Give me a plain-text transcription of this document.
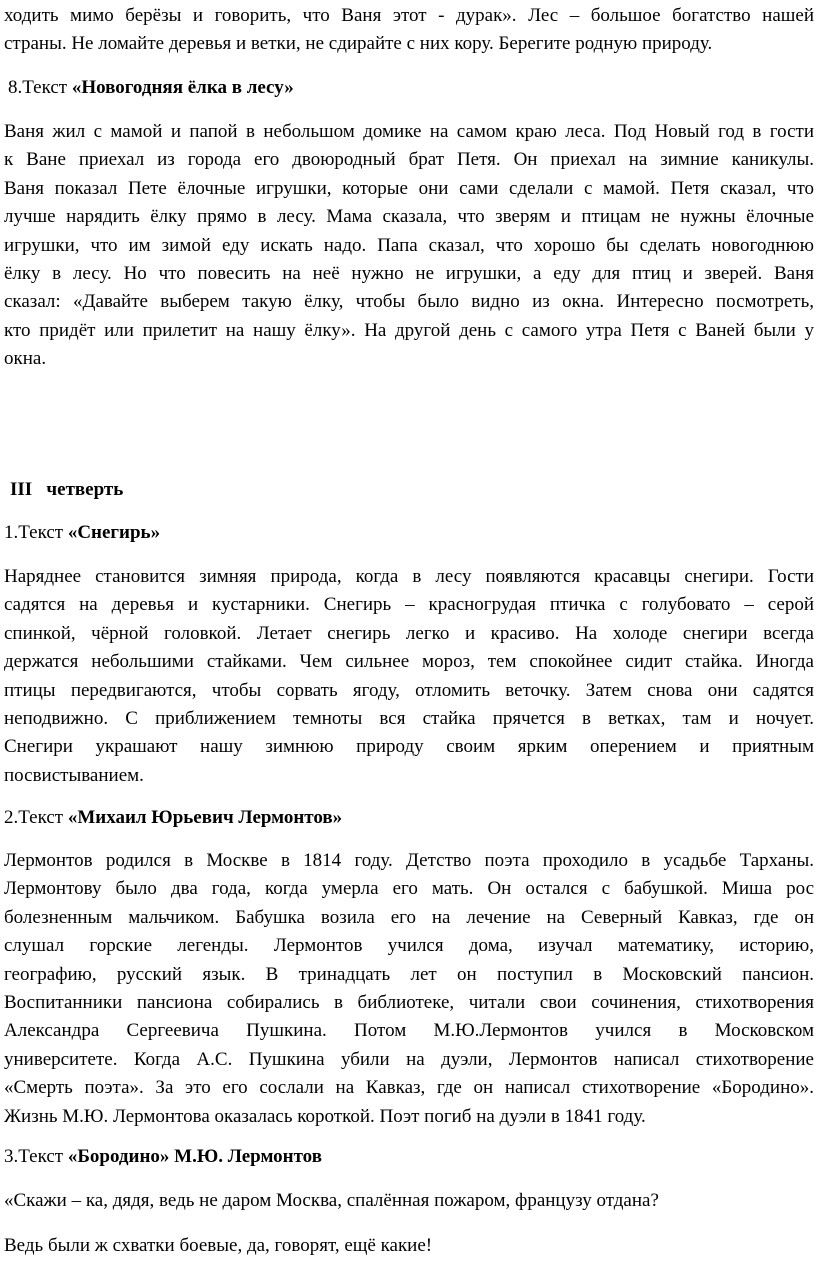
ходить мимо берёзы и говорить, что Ваня этот - дурак». Лес – большое богатство нашей
страны. Не ломайте деревья и ветки, не сдирайте с них кору. Берегите родную природу.
8.Текст «Новогодняя ёлка в лесу»
Ваня жил с мамой и папой в небольшом домике на самом краю леса. Под Новый год в гости
к Ване приехал из города его двоюродный брат Петя. Он приехал на зимние каникулы.
Ваня показал Пете ёлочные игрушки, которые они сами сделали с мамой. Петя сказал, что
лучше нарядить ёлку прямо в лесу. Мама сказала, что зверям и птицам не нужны ёлочные
игрушки, что им зимой еду искать надо. Папа сказал, что хорошо бы сделать новогоднюю
ёлку в лесу. Но что повесить на неё нужно не игрушки, а еду для птиц и зверей. Ваня
сказал: «Давайте выберем такую ёлку, чтобы было видно из окна. Интересно посмотреть,
кто придёт или прилетит на нашу ёлку». На другой день с самого утра Петя с Ваней были у
окна.
III   четверть
1.Текст «Снегирь»
Наряднее становится зимняя природа, когда в лесу появляются красавцы снегири. Гости
садятся на деревья и кустарники. Снегирь – красногрудая птичка с голубовато – серой
спинкой, чёрной головкой. Летает снегирь легко и красиво. На холоде снегири всегда
держатся небольшими стайками. Чем сильнее мороз, тем спокойнее сидит стайка. Иногда
птицы передвигаются, чтобы сорвать ягоду, отломить веточку. Затем снова они садятся
неподвижно. С приближением темноты вся стайка прячется в ветках, там и ночует.
Снегири украшают нашу зимнюю природу своим ярким оперением и приятным
посвистыванием.
2.Текст «Михаил Юрьевич Лермонтов»
Лермонтов родился в Москве в 1814 году. Детство поэта проходило в усадьбе Тарханы.
Лермонтову было два года, когда умерла его мать. Он остался с бабушкой. Миша рос
болезненным мальчиком. Бабушка возила его на лечение на Северный Кавказ, где он
слушал горские легенды. Лермонтов учился дома, изучал математику, историю,
географию, русский язык. В тринадцать лет он поступил в Московский пансион.
Воспитанники пансиона собирались в библиотеке, читали свои сочинения, стихотворения
Александра Сергеевича Пушкина. Потом М.Ю.Лермонтов учился в Московском
университете. Когда А.С. Пушкина убили на дуэли, Лермонтов написал стихотворение
«Смерть поэта». За это его сослали на Кавказ, где он написал стихотворение «Бородино».
Жизнь М.Ю. Лермонтова оказалась короткой. Поэт погиб на дуэли в 1841 году.
3.Текст «Бородино» М.Ю. Лермонтов
«Скажи – ка, дядя, ведь не даром Москва, спалённая пожаром, французу отдана?
Ведь были ж схватки боевые, да, говорят, ещё какие!
